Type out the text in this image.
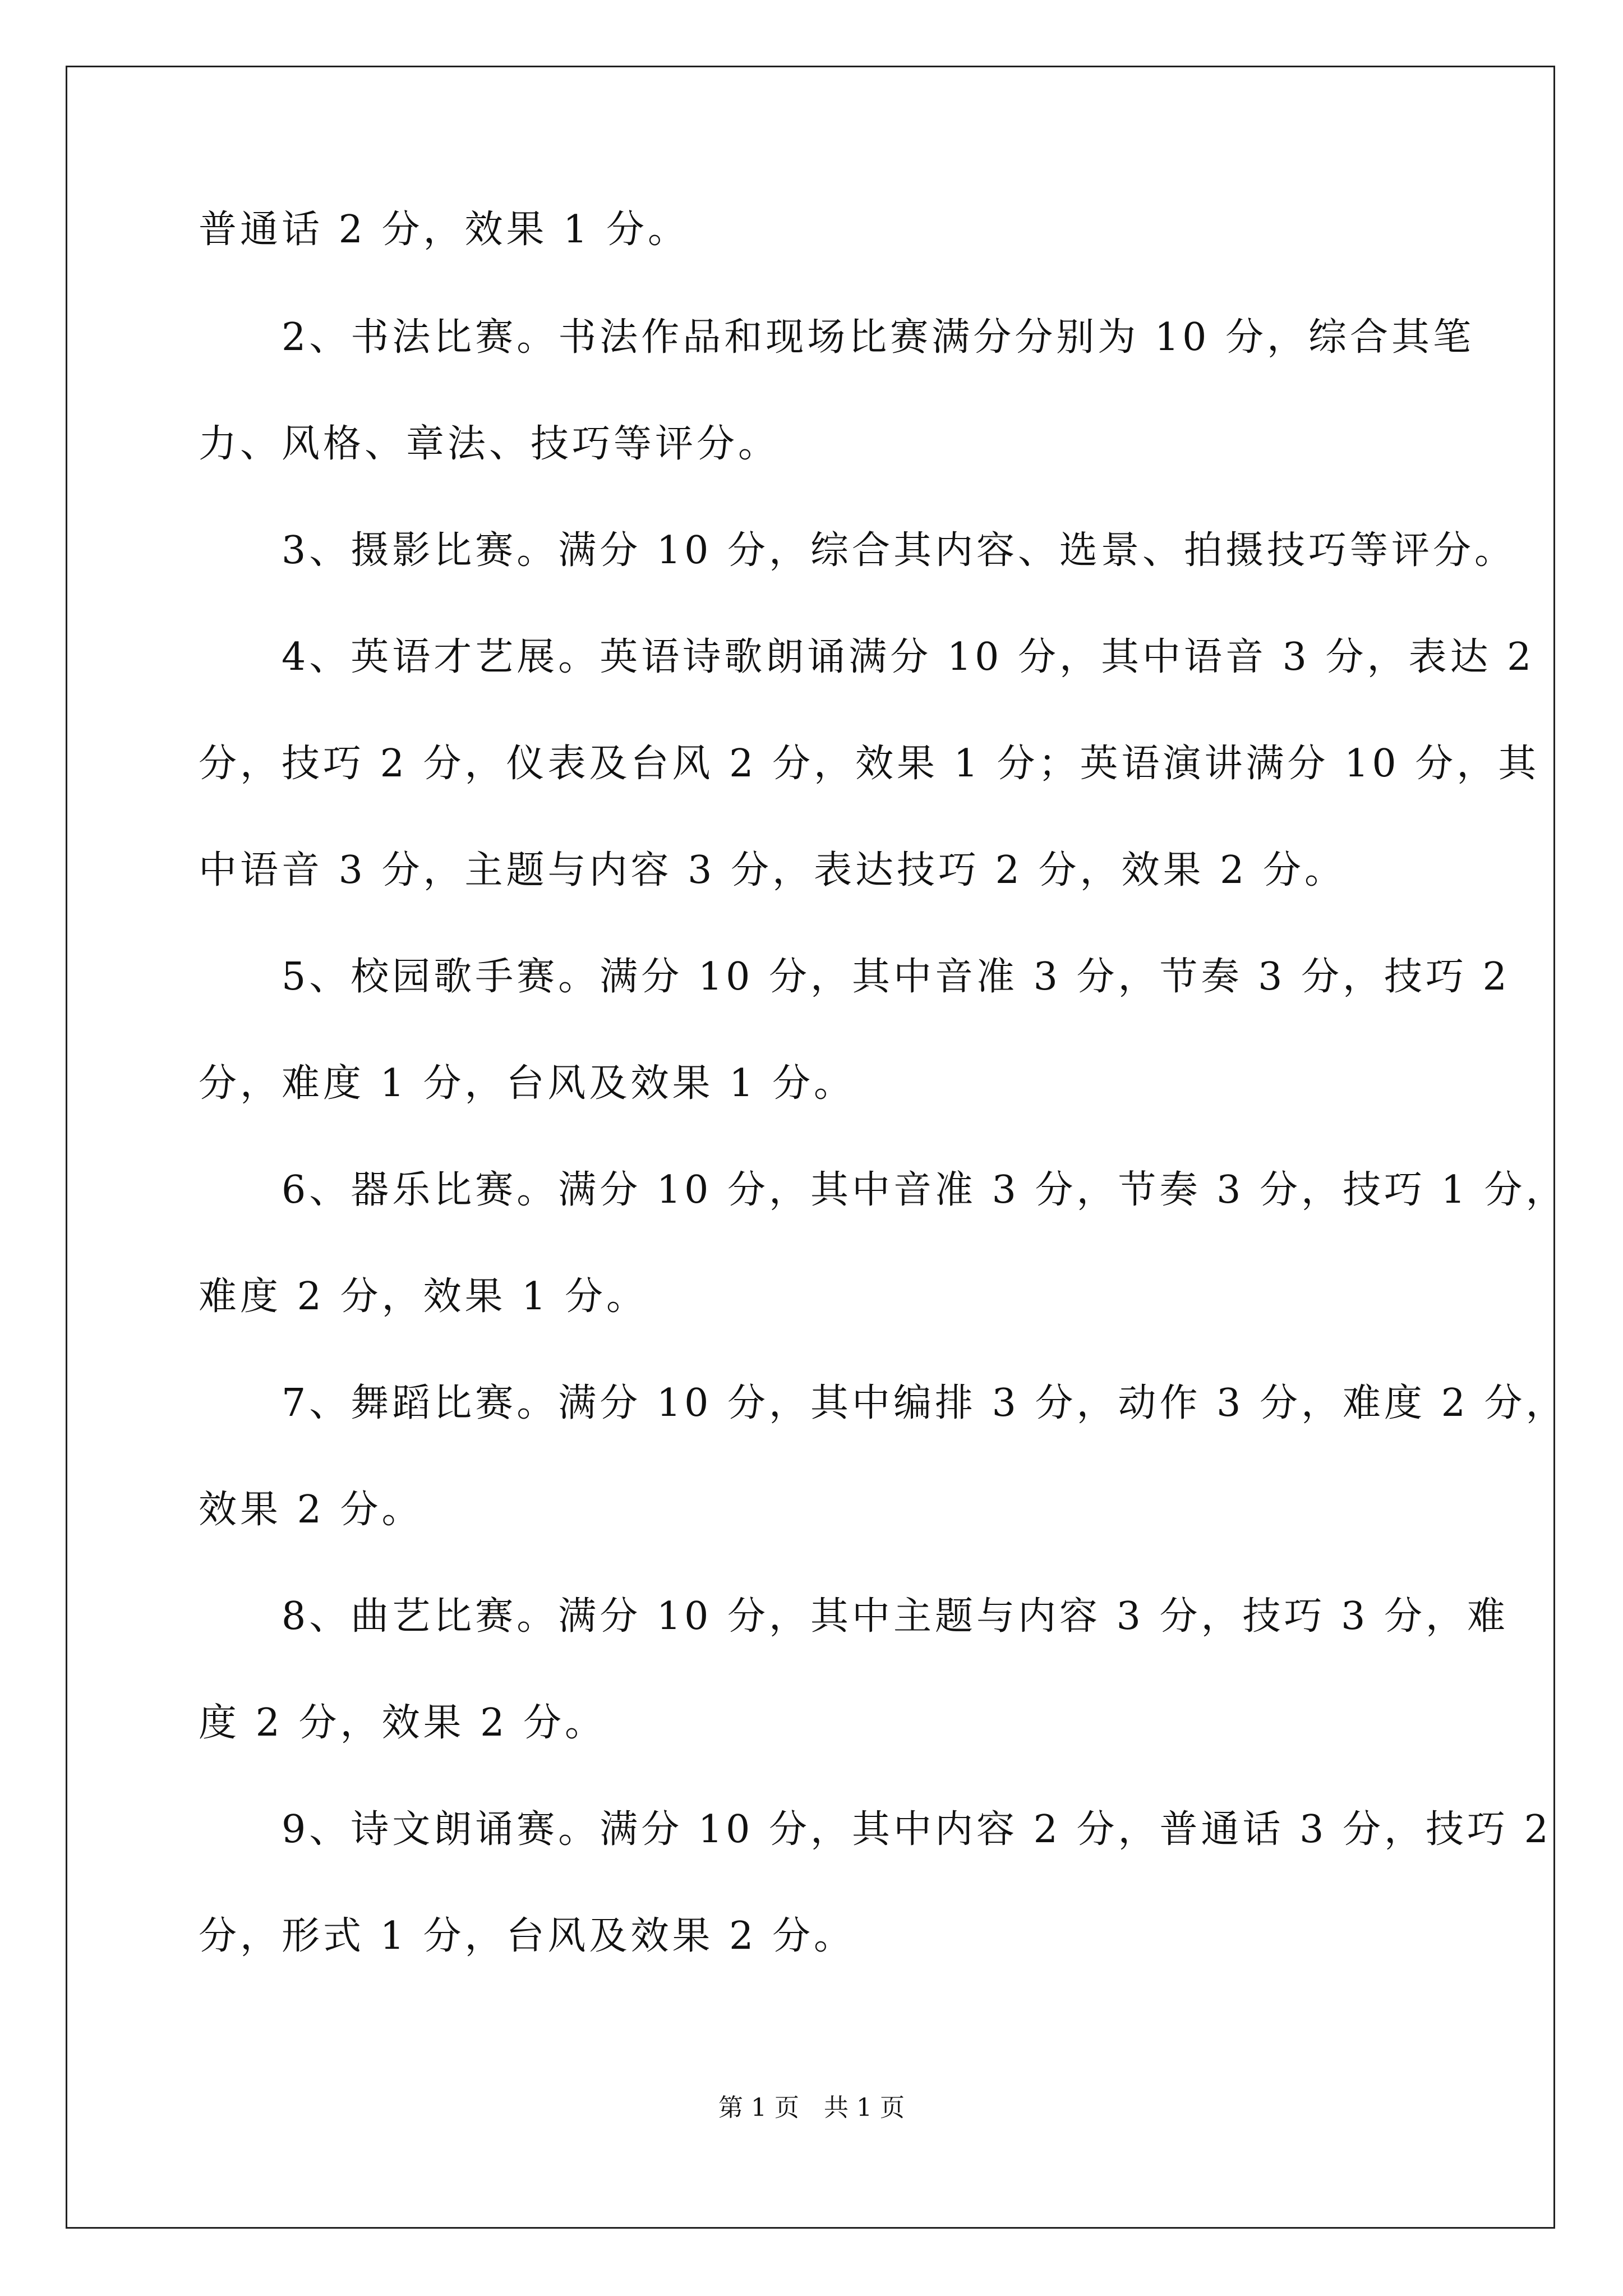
普通话 2 分，效果 1 分。
　　2、书法比赛。书法作品和现场比赛满分分别为 10 分，综合其笔
力、风格、章法、技巧等评分。
　　3、摄影比赛。满分 10 分，综合其内容、选景、拍摄技巧等评分。
　　4、英语才艺展。英语诗歌朗诵满分 10 分，其中语音 3 分，表达 2
分，技巧 2 分，仪表及台风 2 分，效果 1 分；英语演讲满分 10 分，其
中语音 3 分，主题与内容 3 分，表达技巧 2 分，效果 2 分。
　　5、校园歌手赛。满分 10 分，其中音准 3 分，节奏 3 分，技巧 2
分，难度 1 分，台风及效果 1 分。
　　6、器乐比赛。满分 10 分，其中音准 3 分，节奏 3 分，技巧 1 分，
难度 2 分，效果 1 分。
　　7、舞蹈比赛。满分 10 分，其中编排 3 分，动作 3 分，难度 2 分，
效果 2 分。
　　8、曲艺比赛。满分 10 分，其中主题与内容 3 分，技巧 3 分，难
度 2 分，效果 2 分。
　　9、诗文朗诵赛。满分 10 分，其中内容 2 分，普通话 3 分，技巧 2
分，形式 1 分，台风及效果 2 分。
第 1 页　共 1 页
